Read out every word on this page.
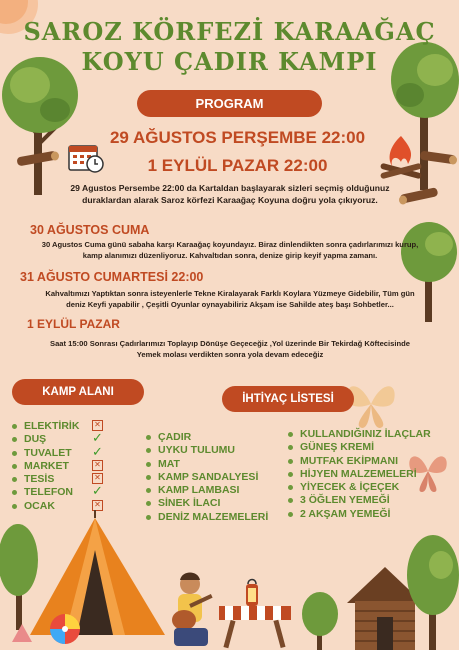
SAROZ KÖRFEZİ KARAAĞAÇ
KOYU ÇADIR KAMPI
PROGRAM
29 AĞUSTOS PERŞEMBE 22:00
1 EYLÜL PAZAR 22:00
29 Agustos Persembe 22:00 da Kartaldan başlayarak sizleri seçmiş olduğunuz duraklardan alarak Saroz körfezi Karaağaç Koyuna doğru yola çıkıyoruz.
30 AĞUSTOS CUMA
30 Agustos Cuma günü sabaha karşı Karaağaç koyundayız. Biraz dinlendikten sonra çadırlarımızı kurup, kamp alanımızı düzenliyoruz. Kahvaltıdan sonra, denize girip keyif yapma zamanı.
31 AĞUSTO CUMARTESİ 22:00
Kahvaltımızı Yaptıktan sonra isteyenlerle Tekne Kiralayarak Farklı Koylara Yüzmeye Gidebilir, Tüm gün deniz Keyfi yapabilir , Çeşitli Oyunlar oynayabiliriz Akşam ise Sahilde ateş başı Sohbetler...
1 EYLÜL PAZAR
Saat 15:00 Sonrası Çadırlarımızı Toplayıp Dönüşe Geçeceğiz ,Yol üzerinde Bir Tekirdağ Köftecisinde Yemek molası verdikten sonra yola devam edeceğiz
KAMP ALANI
İHTİYAÇ LİSTESİ
ELEKTİRİK
DUŞ
TUVALET
MARKET
TESİS
TELEFON
OCAK
✕
✓
✓
✕
✕
✓
✕
ÇADIR
UYKU TULUMU
MAT
KAMP SANDALYESİ
KAMP LAMBASI
SİNEK İLACI
DENİZ MALZEMELERİ
KULLANDIĞINIZ İLAÇLAR
GÜNEŞ KREMİ
MUTFAK EKİPMANI
HİJYEN MALZEMELERİ
YİYECEK & İÇEÇEK
3 ÖĞLEN YEMEĞİ
2 AKŞAM YEMEĞİ
